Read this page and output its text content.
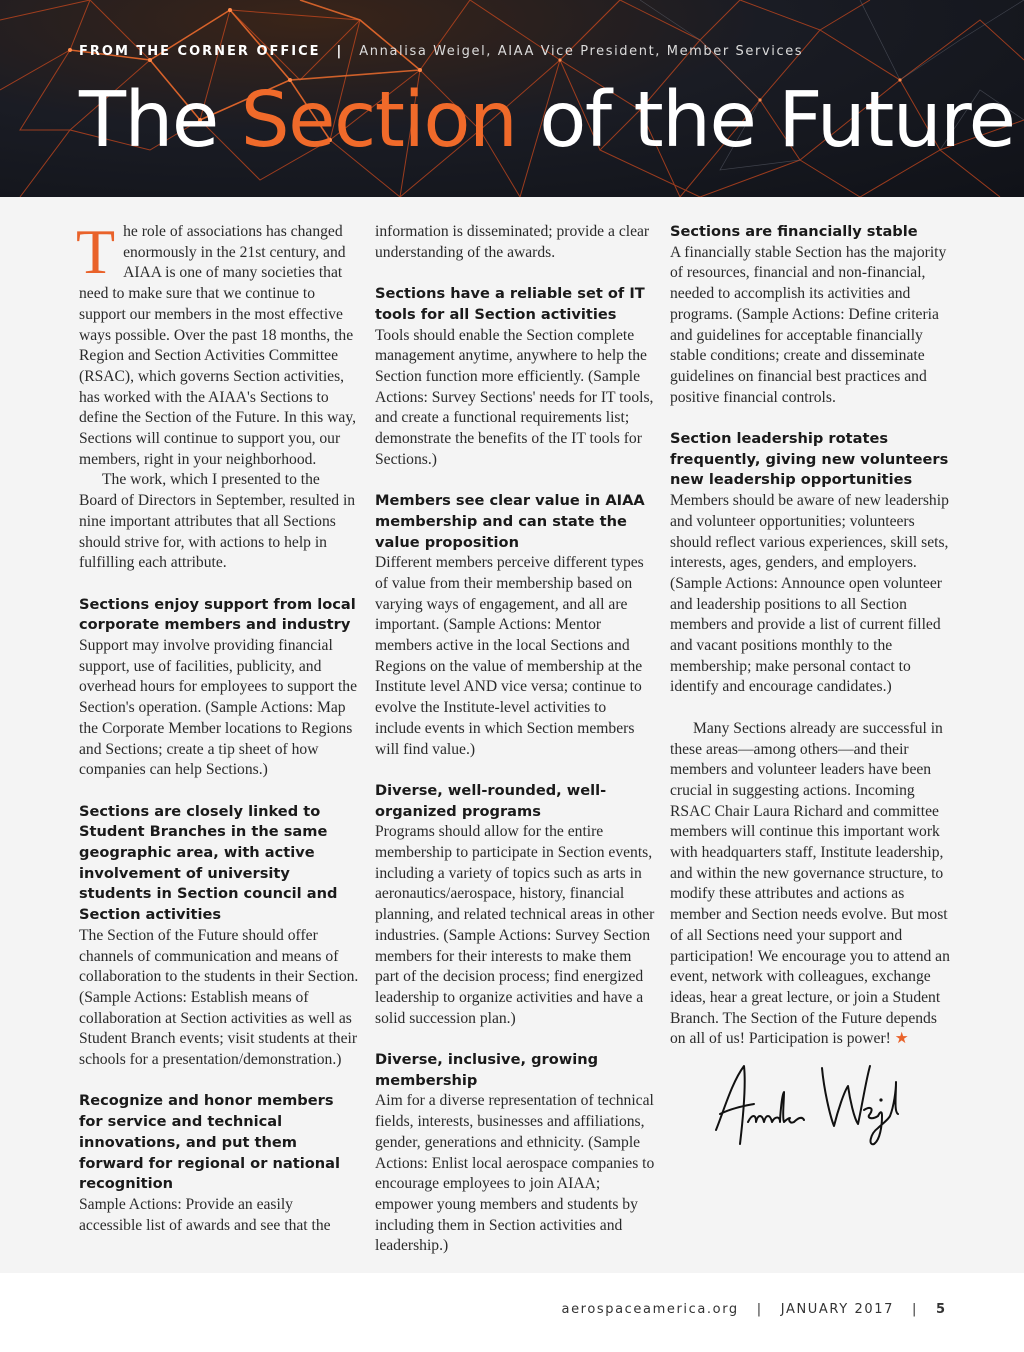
FROM THE CORNER OFFICE | Annalisa Weigel, AIAA Vice President, Member Services
The Section of the Future

The role of associations has changed enormously in the 21st century, and AIAA is one of many societies that need to make sure that we continue to support our members in the most effective ways possible. Over the past 18 months, the Region and Section Activities Committee (RSAC), which governs Section activities, has worked with the AIAA's Sections to define the Section of the Future. In this way, Sections will continue to support you, our members, right in your neighborhood.

The work, which I presented to the Board of Directors in September, resulted in nine important attributes that all Sections should strive for, with actions to help in fulfilling each attribute.

Sections enjoy support from local corporate members and industry

Support may involve providing financial support, use of facilities, publicity, and overhead hours for employees to support the Section's operation. (Sample Actions: Map the Corporate Member locations to Regions and Sections; create a tip sheet of how companies can help Sections.)

Sections are closely linked to Student Branches in the same geographic area, with active involvement of university students in Section council and Section activities

The Section of the Future should offer channels of communication and means of collaboration to the students in their Section. (Sample Actions: Establish means of collaboration at Section activities as well as Student Branch events; visit students at their schools for a presentation/demonstration.)

Recognize and honor members for service and technical innovations, and put them forward for regional or national recognition

Sample Actions: Provide an easily accessible list of awards and see that the

information is disseminated; provide a clear understanding of the awards.

Sections have a reliable set of IT tools for all Section activities

Tools should enable the Section complete management anytime, anywhere to help the Section function more efficiently. (Sample Actions: Survey Sections' needs for IT tools, and create a functional requirements list; demonstrate the benefits of the IT tools for Sections.)

Members see clear value in AIAA membership and can state the value proposition

Different members perceive different types of value from their membership based on varying ways of engagement, and all are important. (Sample Actions: Mentor members active in the local Sections and Regions on the value of membership at the Institute level AND vice versa; continue to evolve the Institute-level activities to include events in which Section members will find value.)

Diverse, well-rounded, well-organized programs

Programs should allow for the entire membership to participate in Section events, including a variety of topics such as arts in aeronautics/aerospace, history, financial planning, and related technical areas in other industries. (Sample Actions: Survey Section members for their interests to make them part of the decision process; find energized leadership to organize activities and have a solid succession plan.)

Diverse, inclusive, growing membership

Aim for a diverse representation of technical fields, interests, businesses and affiliations, gender, generations and ethnicity. (Sample Actions: Enlist local aerospace companies to encourage employees to join AIAA; empower young members and students by including them in Section activities and leadership.)

Sections are financially stable

A financially stable Section has the majority of resources, financial and non-financial, needed to accomplish its activities and programs. (Sample Actions: Define criteria and guidelines for acceptable financially stable conditions; create and disseminate guidelines on financial best practices and positive financial controls.

Section leadership rotates frequently, giving new volunteers new leadership opportunities

Members should be aware of new leadership and volunteer opportunities; volunteers should reflect various experiences, skill sets, interests, ages, genders, and employers. (Sample Actions: Announce open volunteer and leadership positions to all Section members and provide a list of current filled and vacant positions monthly to the membership; make personal contact to identify and encourage candidates.)

Many Sections already are successful in these areas—among others—and their members and volunteer leaders have been crucial in suggesting actions. Incoming RSAC Chair Laura Richard and committee members will continue this important work with headquarters staff, Institute leadership, and within the new governance structure, to modify these attributes and actions as member and Section needs evolve. But most of all Sections need your support and participation! We encourage you to attend an event, network with colleagues, exchange ideas, hear a great lecture, or join a Student Branch. The Section of the Future depends on all of us! Participation is power! ★

aerospaceamerica.org | JANUARY 2017 | 5
